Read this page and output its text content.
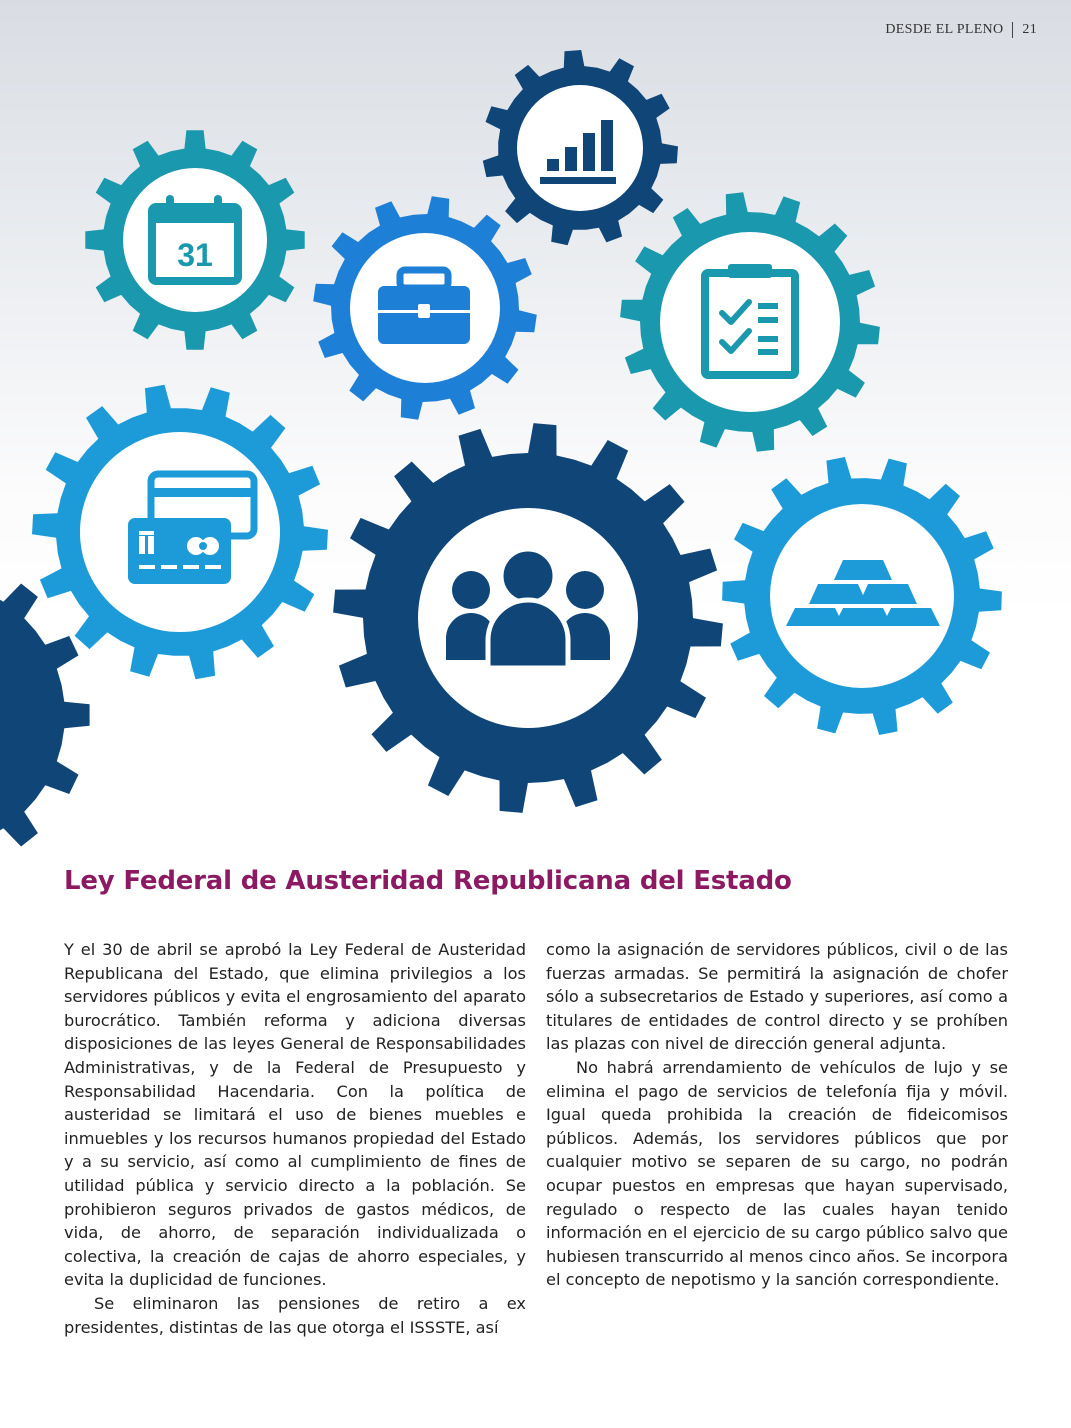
DESDE EL PLENO 21
31
Ley Federal de Austeridad Republicana del Estado

Y el 30 de abril se aprobó la Ley Federal de Austeridad Republicana del Estado, que elimina privilegios a los servidores públicos y evita el engrosamiento del aparato burocrático. También reforma y adiciona diversas disposiciones de las leyes General de Responsabilidades Administrativas, y de la Federal de Presupuesto y Responsabilidad Hacendaria. Con la política de austeridad se limitará el uso de bienes muebles e inmuebles y los recursos humanos propiedad del Estado y a su servicio, así como al cumplimiento de fines de utilidad pública y servicio directo a la población. Se prohibieron seguros privados de gastos médicos, de vida, de ahorro, de separación individualizada o colectiva, la creación de cajas de ahorro especiales, y evita la duplicidad de funciones.

Se eliminaron las pensiones de retiro a ex presidentes, distintas de las que otorga el ISSSTE, así

como la asignación de servidores públicos, civil o de las fuerzas armadas. Se permitirá la asignación de chofer sólo a subsecretarios de Estado y superiores, así como a titulares de entidades de control directo y se prohíben las plazas con nivel de dirección general adjunta.

No habrá arrendamiento de vehículos de lujo y se elimina el pago de servicios de telefonía fija y móvil. Igual queda prohibida la creación de fideicomisos públicos. Además, los servidores públicos que por cualquier motivo se separen de su cargo, no podrán ocupar puestos en empresas que hayan supervisado, regulado o respecto de las cuales hayan tenido información en el ejercicio de su cargo público salvo que hubiesen transcurrido al menos cinco años. Se incorpora el concepto de nepotismo y la sanción correspondiente.
